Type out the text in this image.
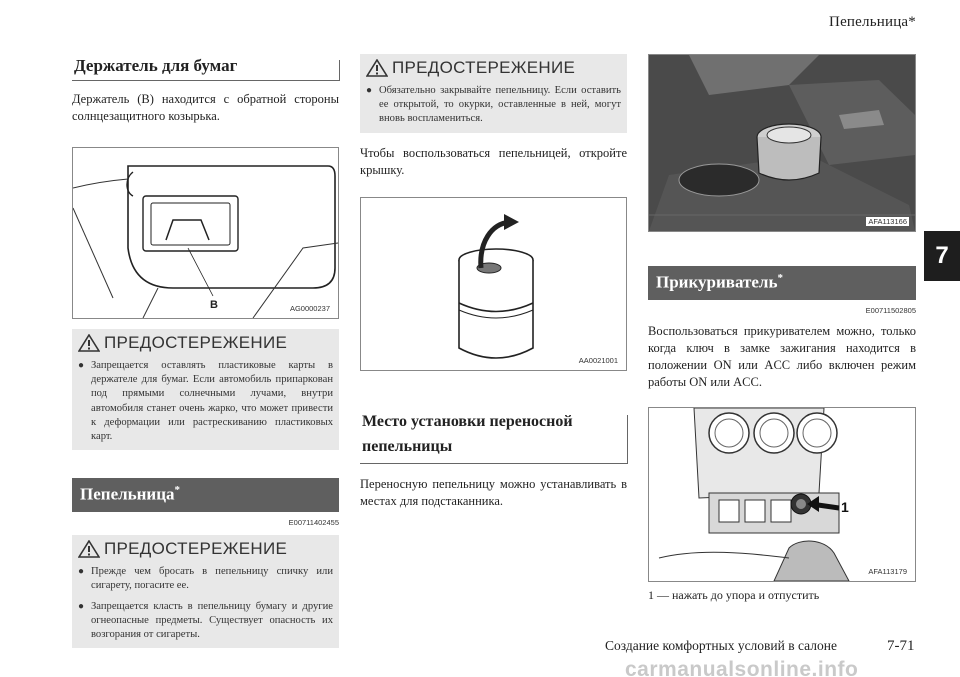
Пепельница*
7
Держатель для бумаг
Держатель (B) находится с обратной стороны солнцезащитного козырька.
B	AG0000237
ПРЕДОСТЕРЕЖЕНИЕ
● Запрещается оставлять пластиковые карты в держателе для бумаг. Если автомобиль припаркован под прямыми солнечными лучами, внутри автомобиля станет очень жарко, что может привести к деформации или растрескиванию пластиковых карт.
Пепельница*
E00711402455
ПРЕДОСТЕРЕЖЕНИЕ
● Прежде чем бросать в пепельницу спичку или сигарету, погасите ее.
● Запрещается класть в пепельницу бумагу и другие огнеопасные предметы. Существует опасность их возгорания от сигареты.
ПРЕДОСТЕРЕЖЕНИЕ
● Обязательно закрывайте пепельницу. Если оставить ее открытой, то окурки, оставленные в ней, могут вновь воспламениться.
Чтобы воспользоваться пепельницей, откройте крышку.
AA0021001
Место установки переносной пепельницы
Переносную пепельницу можно устанавливать в местах для подстаканника.
AFA113166
Прикуриватель*
E00711502805
Воспользоваться прикуривателем можно, только когда ключ в замке зажигания находится в положении ON или ACC либо включен режим работы ON или ACC.
1
AFA113179
1 — нажать до упора и отпустить
Создание комфортных условий в салоне	7-71
carmanualsonline.info
